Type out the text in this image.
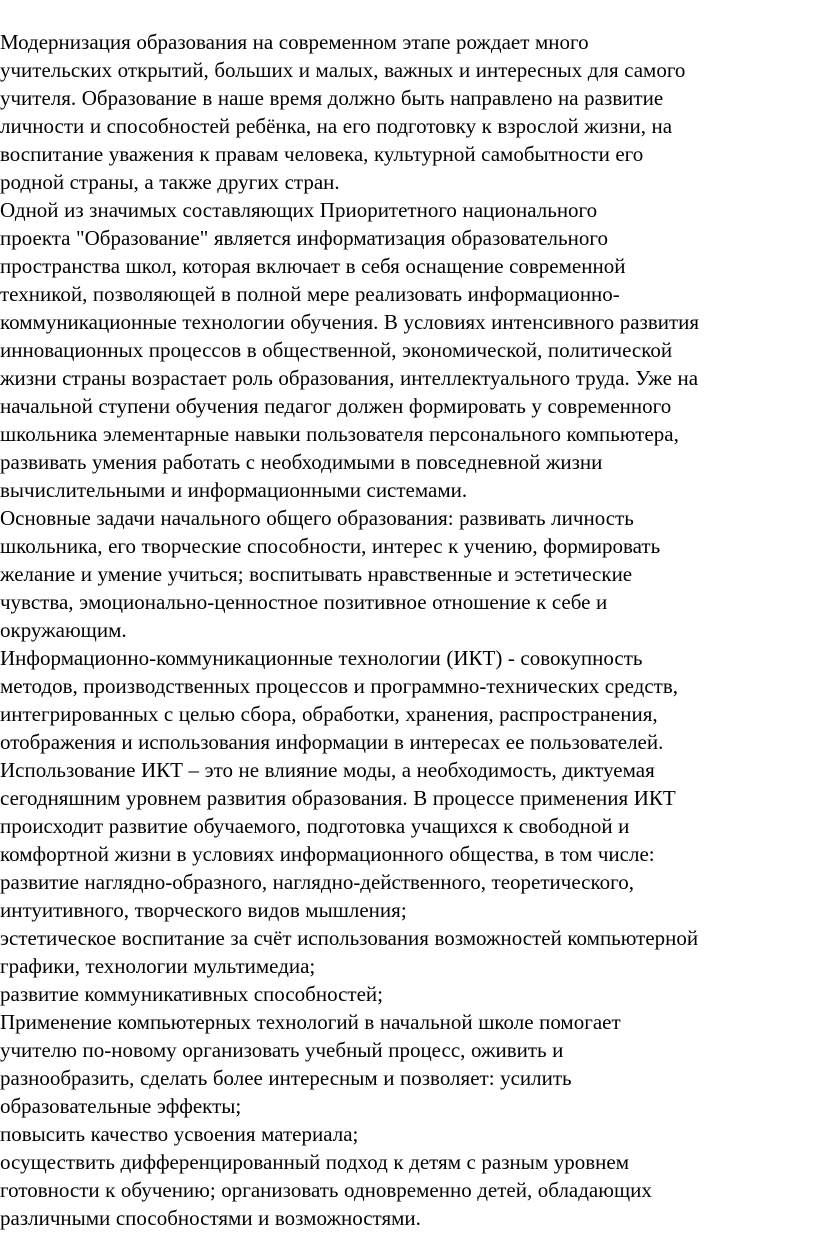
Модернизация образования на современном этапе рождает много
учительских открытий, больших и малых, важных и интересных для самого
учителя. Образование в наше время должно быть направлено на развитие
личности и способностей ребёнка, на его подготовку к взрослой жизни, на
воспитание уважения к правам человека, культурной самобытности его
родной страны, а также других стран.

Одной из значимых составляющих Приоритетного национального
проекта "Образование" является информатизация образовательного
пространства школ, которая включает в себя оснащение современной
техникой, позволяющей в полной мере реализовать информационно-
коммуникационные технологии обучения. В условиях интенсивного развития
инновационных процессов в общественной, экономической, политической
жизни страны возрастает роль образования, интеллектуального труда. Уже на
начальной ступени обучения педагог должен формировать у современного
школьника элементарные навыки пользователя персонального компьютера,
развивать умения работать с необходимыми в повседневной жизни
вычислительными и информационными системами.

Основные задачи начального общего образования: развивать личность
школьника, его творческие способности, интерес к учению, формировать
желание и умение учиться; воспитывать нравственные и эстетические
чувства, эмоционально-ценностное позитивное отношение к себе и
окружающим.

Информационно-коммуникационные технологии (ИКТ) - совокупность
методов, производственных процессов и программно-технических средств,
интегрированных с целью сбора, обработки, хранения, распространения,
отображения и использования информации в интересах ее пользователей.
Использование ИКТ – это не влияние моды, а необходимость, диктуемая
сегодняшним уровнем развития образования. В процессе применения ИКТ
происходит развитие обучаемого, подготовка учащихся к свободной и
комфортной жизни в условиях информационного общества, в том числе:
развитие наглядно-образного, наглядно-действенного, теоретического,
интуитивного, творческого видов мышления;
эстетическое воспитание за счёт использования возможностей компьютерной
графики, технологии мультимедиа;
развитие коммуникативных способностей;

Применение компьютерных технологий в начальной школе помогает
учителю по-новому организовать учебный процесс, оживить и
разнообразить, сделать более интересным и позволяет: усилить
образовательные эффекты;
повысить качество усвоения материала;
осуществить дифференцированный подход к детям с разным уровнем
готовности к обучению; организовать одновременно детей, обладающих
различными способностями и возможностями.
